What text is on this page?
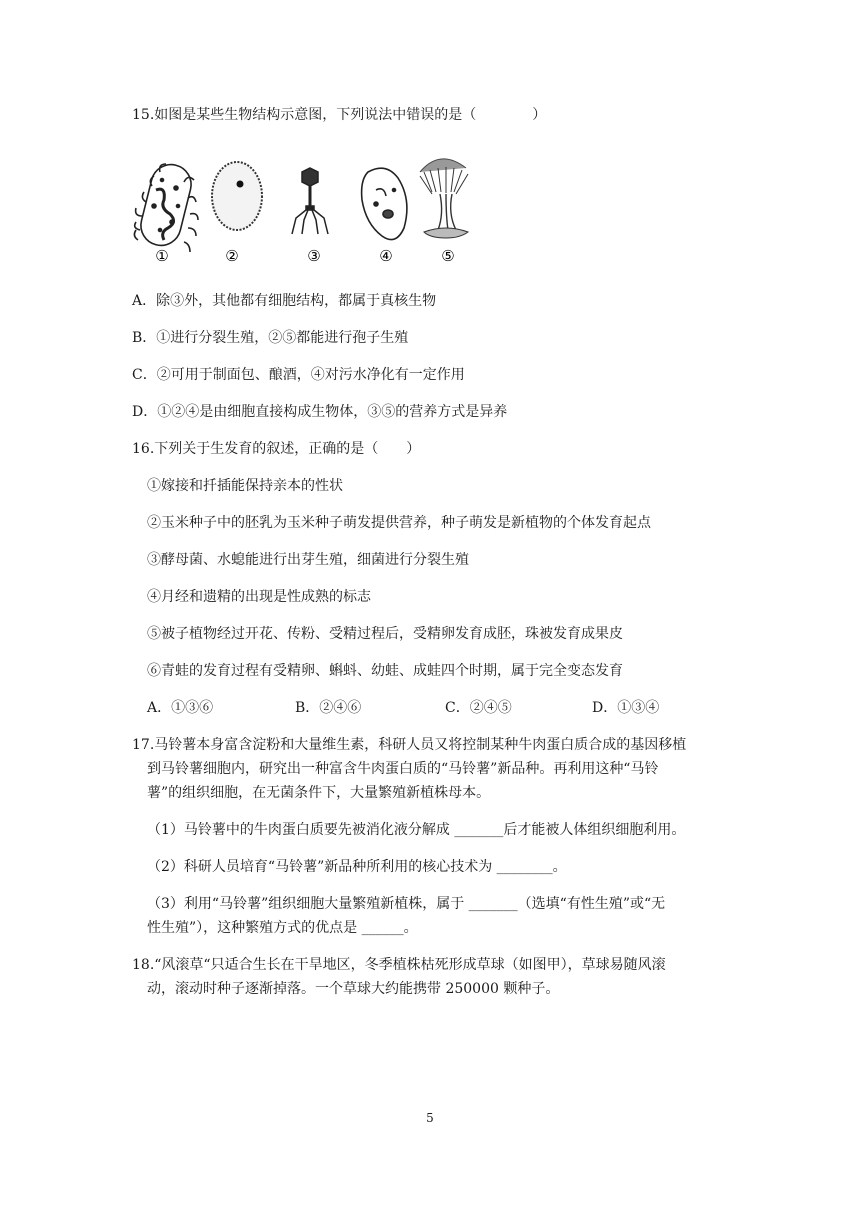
15.如图是某些生物结构示意图，下列说法中错误的是（　　　　）
①	②	③	④	⑤
A．除③外，其他都有细胞结构，都属于真核生物
B．①进行分裂生殖，②⑤都能进行孢子生殖
C．②可用于制面包、酿酒，④对污水净化有一定作用
D．①②④是由细胞直接构成生物体，③⑤的营养方式是异养
16.下列关于生发育的叙述，正确的是（　　）
①嫁接和扦插能保持亲本的性状
②玉米种子中的胚乳为玉米种子萌发提供营养，种子萌发是新植物的个体发育起点
③酵母菌、水螅能进行出芽生殖，细菌进行分裂生殖
④月经和遗精的出现是性成熟的标志
⑤被子植物经过开花、传粉、受精过程后，受精卵发育成胚，珠被发育成果皮
⑥青蛙的发育过程有受精卵、蝌蚪、幼蛙、成蛙四个时期，属于完全变态发育
A．①③⑥	B．②④⑥	C．②④⑤	D．①③④
17.马铃薯本身富含淀粉和大量维生素，科研人员又将控制某种牛肉蛋白质合成的基因移植
到马铃薯细胞内，研究出一种富含牛肉蛋白质的“马铃薯”新品种。再利用这种“马铃
薯”的组织细胞，在无菌条件下，大量繁殖新植株母本。
（1）马铃薯中的牛肉蛋白质要先被消化液分解成 _______后才能被人体组织细胞利用。
（2）科研人员培育“马铃薯”新品种所利用的核心技术为 ________。
（3）利用“马铃薯”组织细胞大量繁殖新植株，属于 _______（选填“有性生殖”或“无
性生殖”），这种繁殖方式的优点是 ______。
18.“风滚草“只适合生长在干旱地区，冬季植株枯死形成草球（如图甲），草球易随风滚
动，滚动时种子逐渐掉落。一个草球大约能携带 250000 颗种子。
5
